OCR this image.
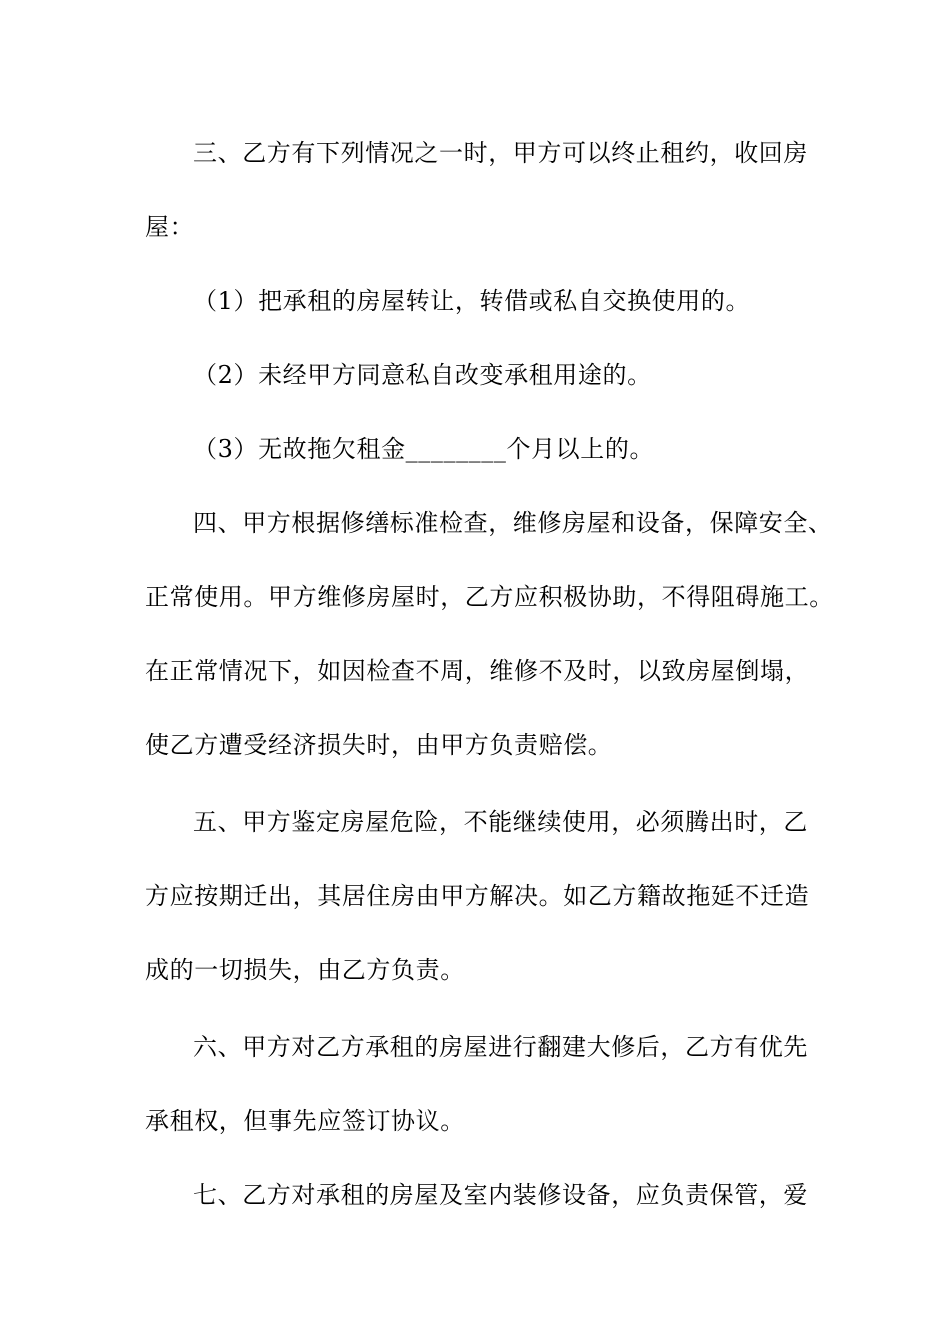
三、乙方有下列情况之一时，甲方可以终止租约，收回房
屋：
（1）把承租的房屋转让，转借或私自交换使用的。
（2）未经甲方同意私自改变承租用途的。
（3）无故拖欠租金________个月以上的。
四、甲方根据修缮标准检查，维修房屋和设备，保障安全、
正常使用。甲方维修房屋时，乙方应积极协助，不得阻碍施工。
在正常情况下，如因检查不周，维修不及时，以致房屋倒塌，
使乙方遭受经济损失时，由甲方负责赔偿。
五、甲方鉴定房屋危险，不能继续使用，必须腾出时，乙
方应按期迁出，其居住房由甲方解决。如乙方籍故拖延不迁造
成的一切损失，由乙方负责。
六、甲方对乙方承租的房屋进行翻建大修后，乙方有优先
承租权，但事先应签订协议。
七、乙方对承租的房屋及室内装修设备，应负责保管，爱
